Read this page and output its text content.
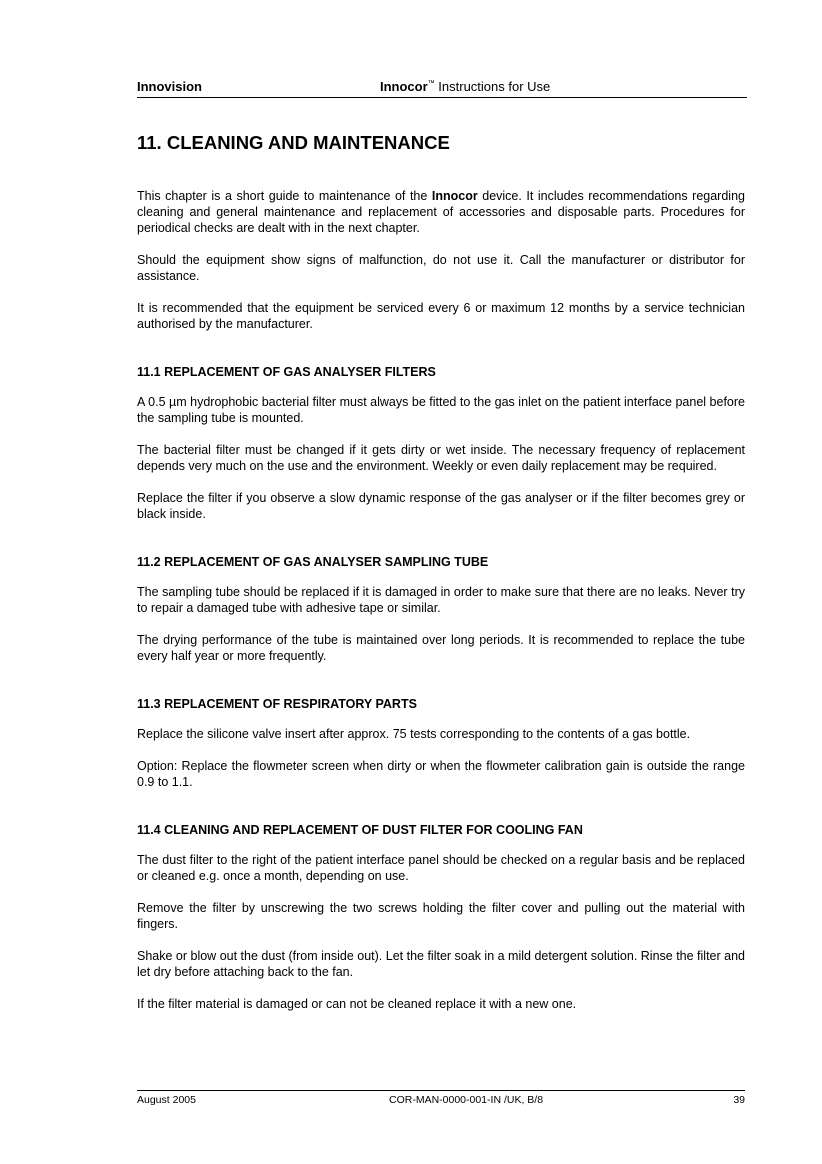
Innovision	Innocor™ Instructions for Use
11. CLEANING AND MAINTENANCE

This chapter is a short guide to maintenance of the Innocor device. It includes recommendations regarding cleaning and general maintenance and replacement of accessories and disposable parts. Procedures for periodical checks are dealt with in the next chapter.

Should the equipment show signs of malfunction, do not use it. Call the manufacturer or distributor for assistance.

It is recommended that the equipment be serviced every 6 or maximum 12 months by a service technician authorised by the manufacturer.

11.1 REPLACEMENT OF GAS ANALYSER FILTERS

A 0.5 µm hydrophobic bacterial filter must always be fitted to the gas inlet on the patient interface panel before the sampling tube is mounted.

The bacterial filter must be changed if it gets dirty or wet inside. The necessary frequency of replacement depends very much on the use and the environment. Weekly or even daily replacement may be required.

Replace the filter if you observe a slow dynamic response of the gas analyser or if the filter becomes grey or black inside.

11.2 REPLACEMENT OF GAS ANALYSER SAMPLING TUBE

The sampling tube should be replaced if it is damaged in order to make sure that there are no leaks. Never try to repair a damaged tube with adhesive tape or similar.

The drying performance of the tube is maintained over long periods. It is recommended to replace the tube every half year or more frequently.

11.3 REPLACEMENT OF RESPIRATORY PARTS

Replace the silicone valve insert after approx. 75 tests corresponding to the contents of a gas bottle.

Option: Replace the flowmeter screen when dirty or when the flowmeter calibration gain is outside the range 0.9 to 1.1.

11.4 CLEANING AND REPLACEMENT OF DUST FILTER FOR COOLING FAN

The dust filter to the right of the patient interface panel should be checked on a regular basis and be replaced or cleaned e.g. once a month, depending on use.

Remove the filter by unscrewing the two screws holding the filter cover and pulling out the material with fingers.

Shake or blow out the dust (from inside out). Let the filter soak in a mild detergent solution. Rinse the filter and let dry before attaching back to the fan.

If the filter material is damaged or can not be cleaned replace it with a new one.

August 2005	COR-MAN-0000-001-IN /UK, B/8	39
